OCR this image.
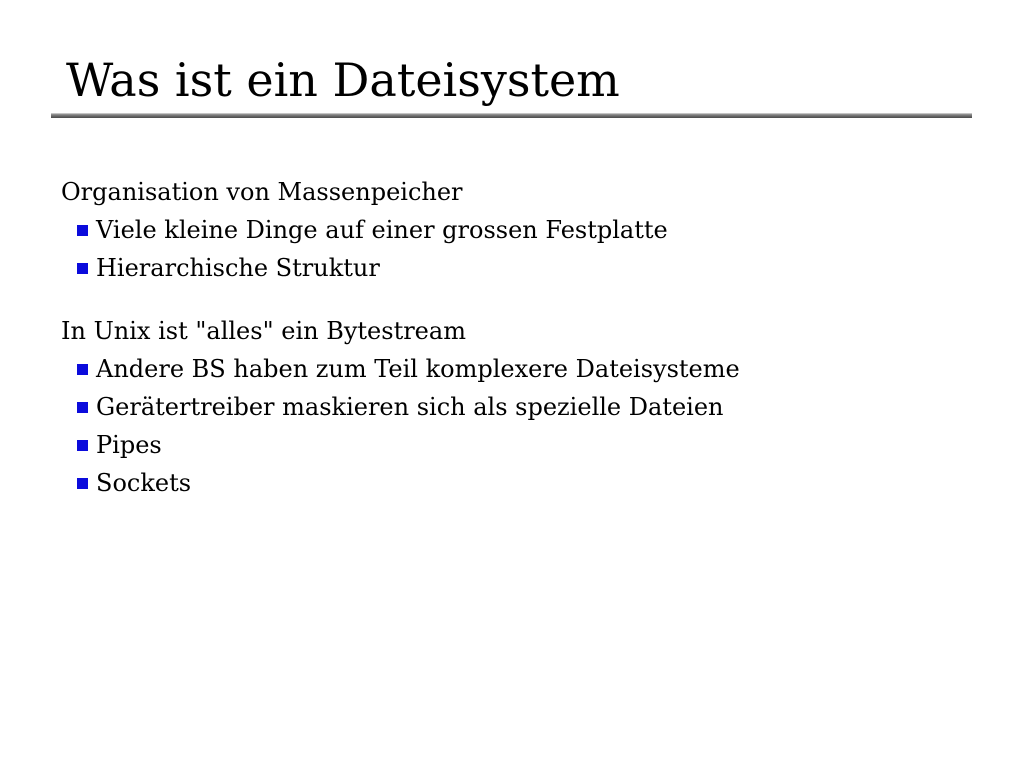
Was ist ein Dateisystem
Organisation von Massenpeicher
Viele kleine Dinge auf einer grossen Festplatte
Hierarchische Struktur
In Unix ist "alles" ein Bytestream
Andere BS haben zum Teil komplexere Dateisysteme
Gerätertreiber maskieren sich als spezielle Dateien
Pipes
Sockets
